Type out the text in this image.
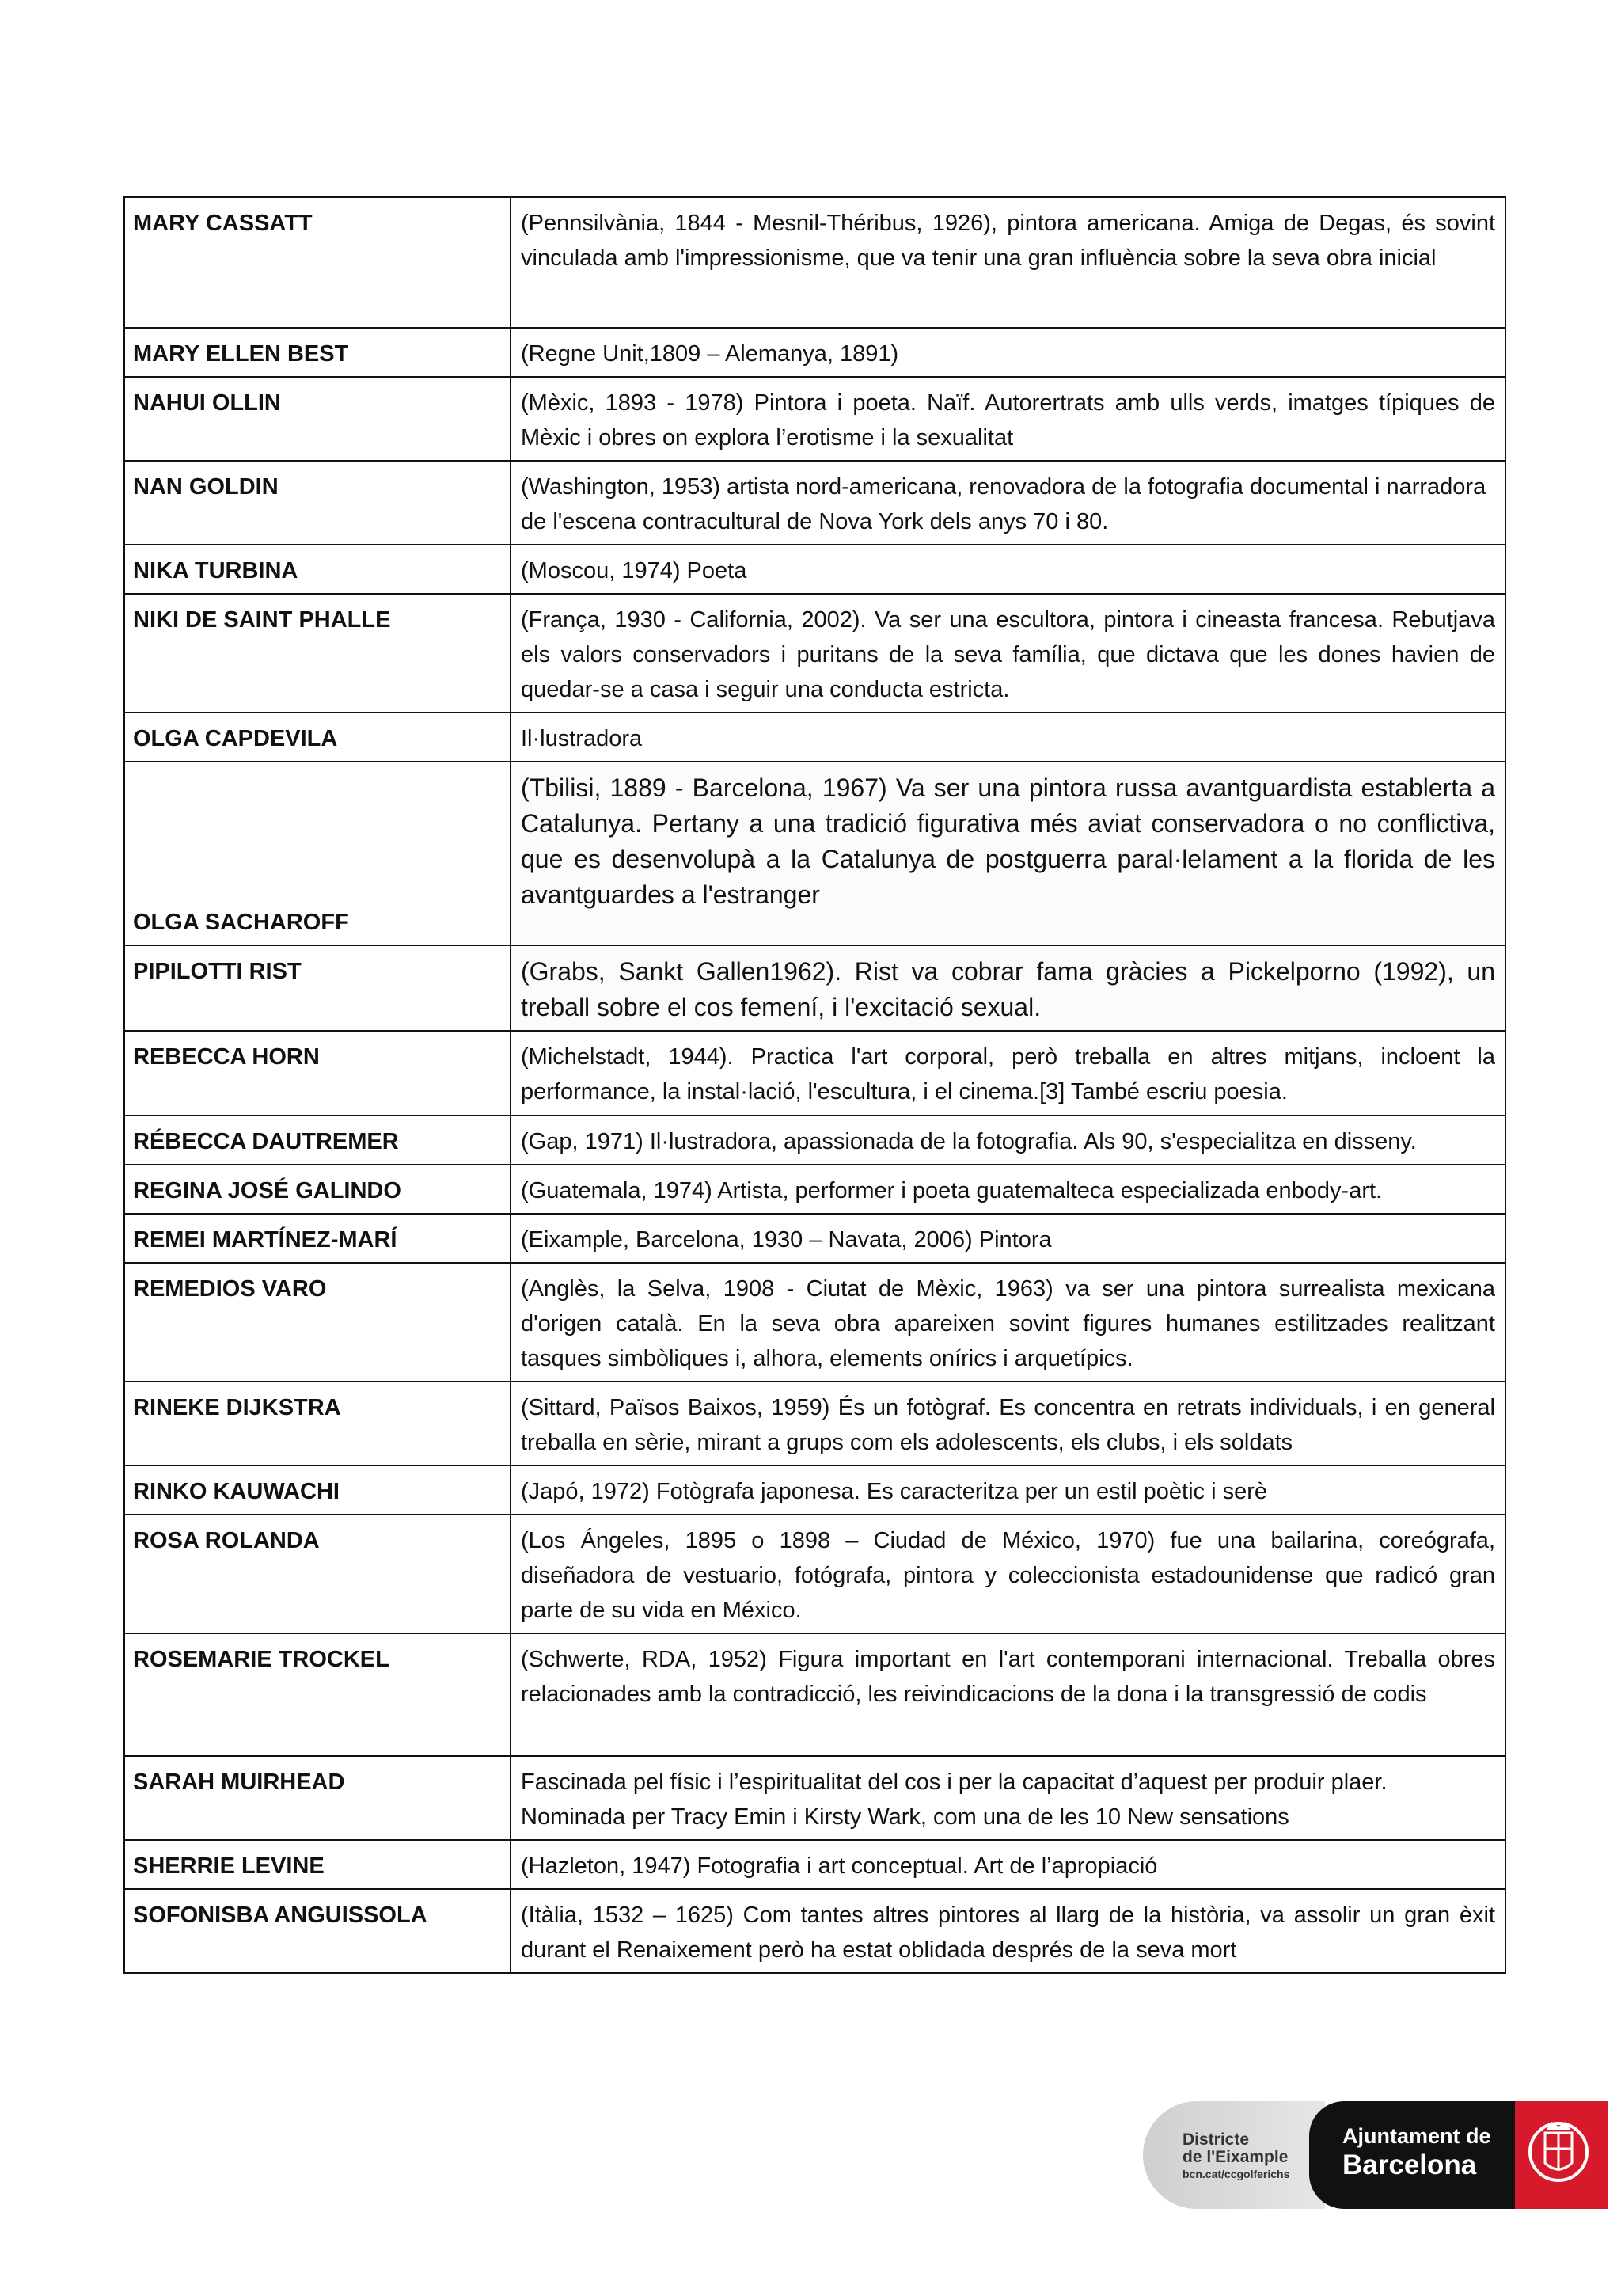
MARY CASSATT	(Pennsilvània, 1844 - Mesnil-Théribus, 1926), pintora americana. Amiga de Degas, és sovint vinculada amb l'impressionisme, que va tenir una gran influència sobre la seva obra inicial
MARY ELLEN BEST	(Regne Unit,1809 – Alemanya, 1891)
NAHUI OLLIN	(Mèxic, 1893 - 1978) Pintora i poeta. Naïf. Autorertrats amb ulls verds, imatges típiques de Mèxic i obres on explora l’erotisme i la sexualitat
NAN GOLDIN	(Washington, 1953) artista nord-americana, renovadora de la fotografia documental i narradora de l'escena contracultural de Nova York dels anys 70 i 80.
NIKA TURBINA	(Moscou, 1974) Poeta
NIKI DE SAINT PHALLE	(França, 1930 - California, 2002). Va ser una escultora, pintora i cineasta francesa. Rebutjava els valors conservadors i puritans de la seva família, que dictava que les dones havien de quedar-se a casa i seguir una conducta estricta.
OLGA CAPDEVILA	Il·lustradora
OLGA SACHAROFF	(Tbilisi, 1889 - Barcelona, 1967) Va ser una pintora russa avantguardista establerta a Catalunya. Pertany a una tradició figurativa més aviat conservadora o no conflictiva, que es desenvolupà a la Catalunya de postguerra paral·lelament a la florida de les avantguardes a l'estranger
PIPILOTTI RIST	(Grabs, Sankt Gallen1962). Rist va cobrar fama gràcies a Pickelporno (1992), un treball sobre el cos femení, i l'excitació sexual.
REBECCA HORN	(Michelstadt, 1944). Practica l'art corporal, però treballa en altres mitjans, incloent la performance, la instal·lació, l'escultura, i el cinema.[3] També escriu poesia.
RÉBECCA DAUTREMER	(Gap, 1971) Il·lustradora, apassionada de la fotografia. Als 90, s'especialitza en disseny.
REGINA JOSÉ GALINDO	(Guatemala, 1974) Artista, performer i poeta guatemalteca especializada enbody-art.
REMEI MARTÍNEZ-MARÍ	(Eixample, Barcelona, 1930 – Navata, 2006) Pintora
REMEDIOS VARO	(Anglès, la Selva, 1908 - Ciutat de Mèxic, 1963) va ser una pintora surrealista mexicana d'origen català. En la seva obra apareixen sovint figures humanes estilitzades realitzant tasques simbòliques i, alhora, elements onírics i arquetípics.
RINEKE DIJKSTRA	(Sittard, Països Baixos, 1959) És un fotògraf. Es concentra en retrats individuals, i en general treballa en sèrie, mirant a grups com els adolescents, els clubs, i els soldats
RINKO KAUWACHI	(Japó, 1972) Fotògrafa japonesa. Es caracteritza per un estil poètic i serè
ROSA ROLANDA	(Los Ángeles, 1895 o 1898 – Ciudad de México, 1970) fue una bailarina, coreógrafa, diseñadora de vestuario, fotógrafa, pintora y coleccionista estadounidense que radicó gran parte de su vida en México.
ROSEMARIE TROCKEL	(Schwerte, RDA, 1952) Figura important en l'art contemporani internacional. Treballa obres relacionades amb la contradicció, les reivindicacions de la dona i la transgressió de codis
SARAH MUIRHEAD	Fascinada pel físic i l’espiritualitat del cos i per la capacitat d’aquest per produir plaer. Nominada per Tracy Emin i Kirsty Wark, com una de les 10 New sensations
SHERRIE LEVINE	(Hazleton, 1947) Fotografia i art conceptual. Art de l’apropiació
SOFONISBA ANGUISSOLA	(Itàlia, 1532 – 1625) Com tantes altres pintores al llarg de la història, va assolir un gran èxit durant el Renaixement però ha estat oblidada després de la seva mort
Districte
de l'Eixample
bcn.cat/ccgolferichs
Ajuntament de
Barcelona
